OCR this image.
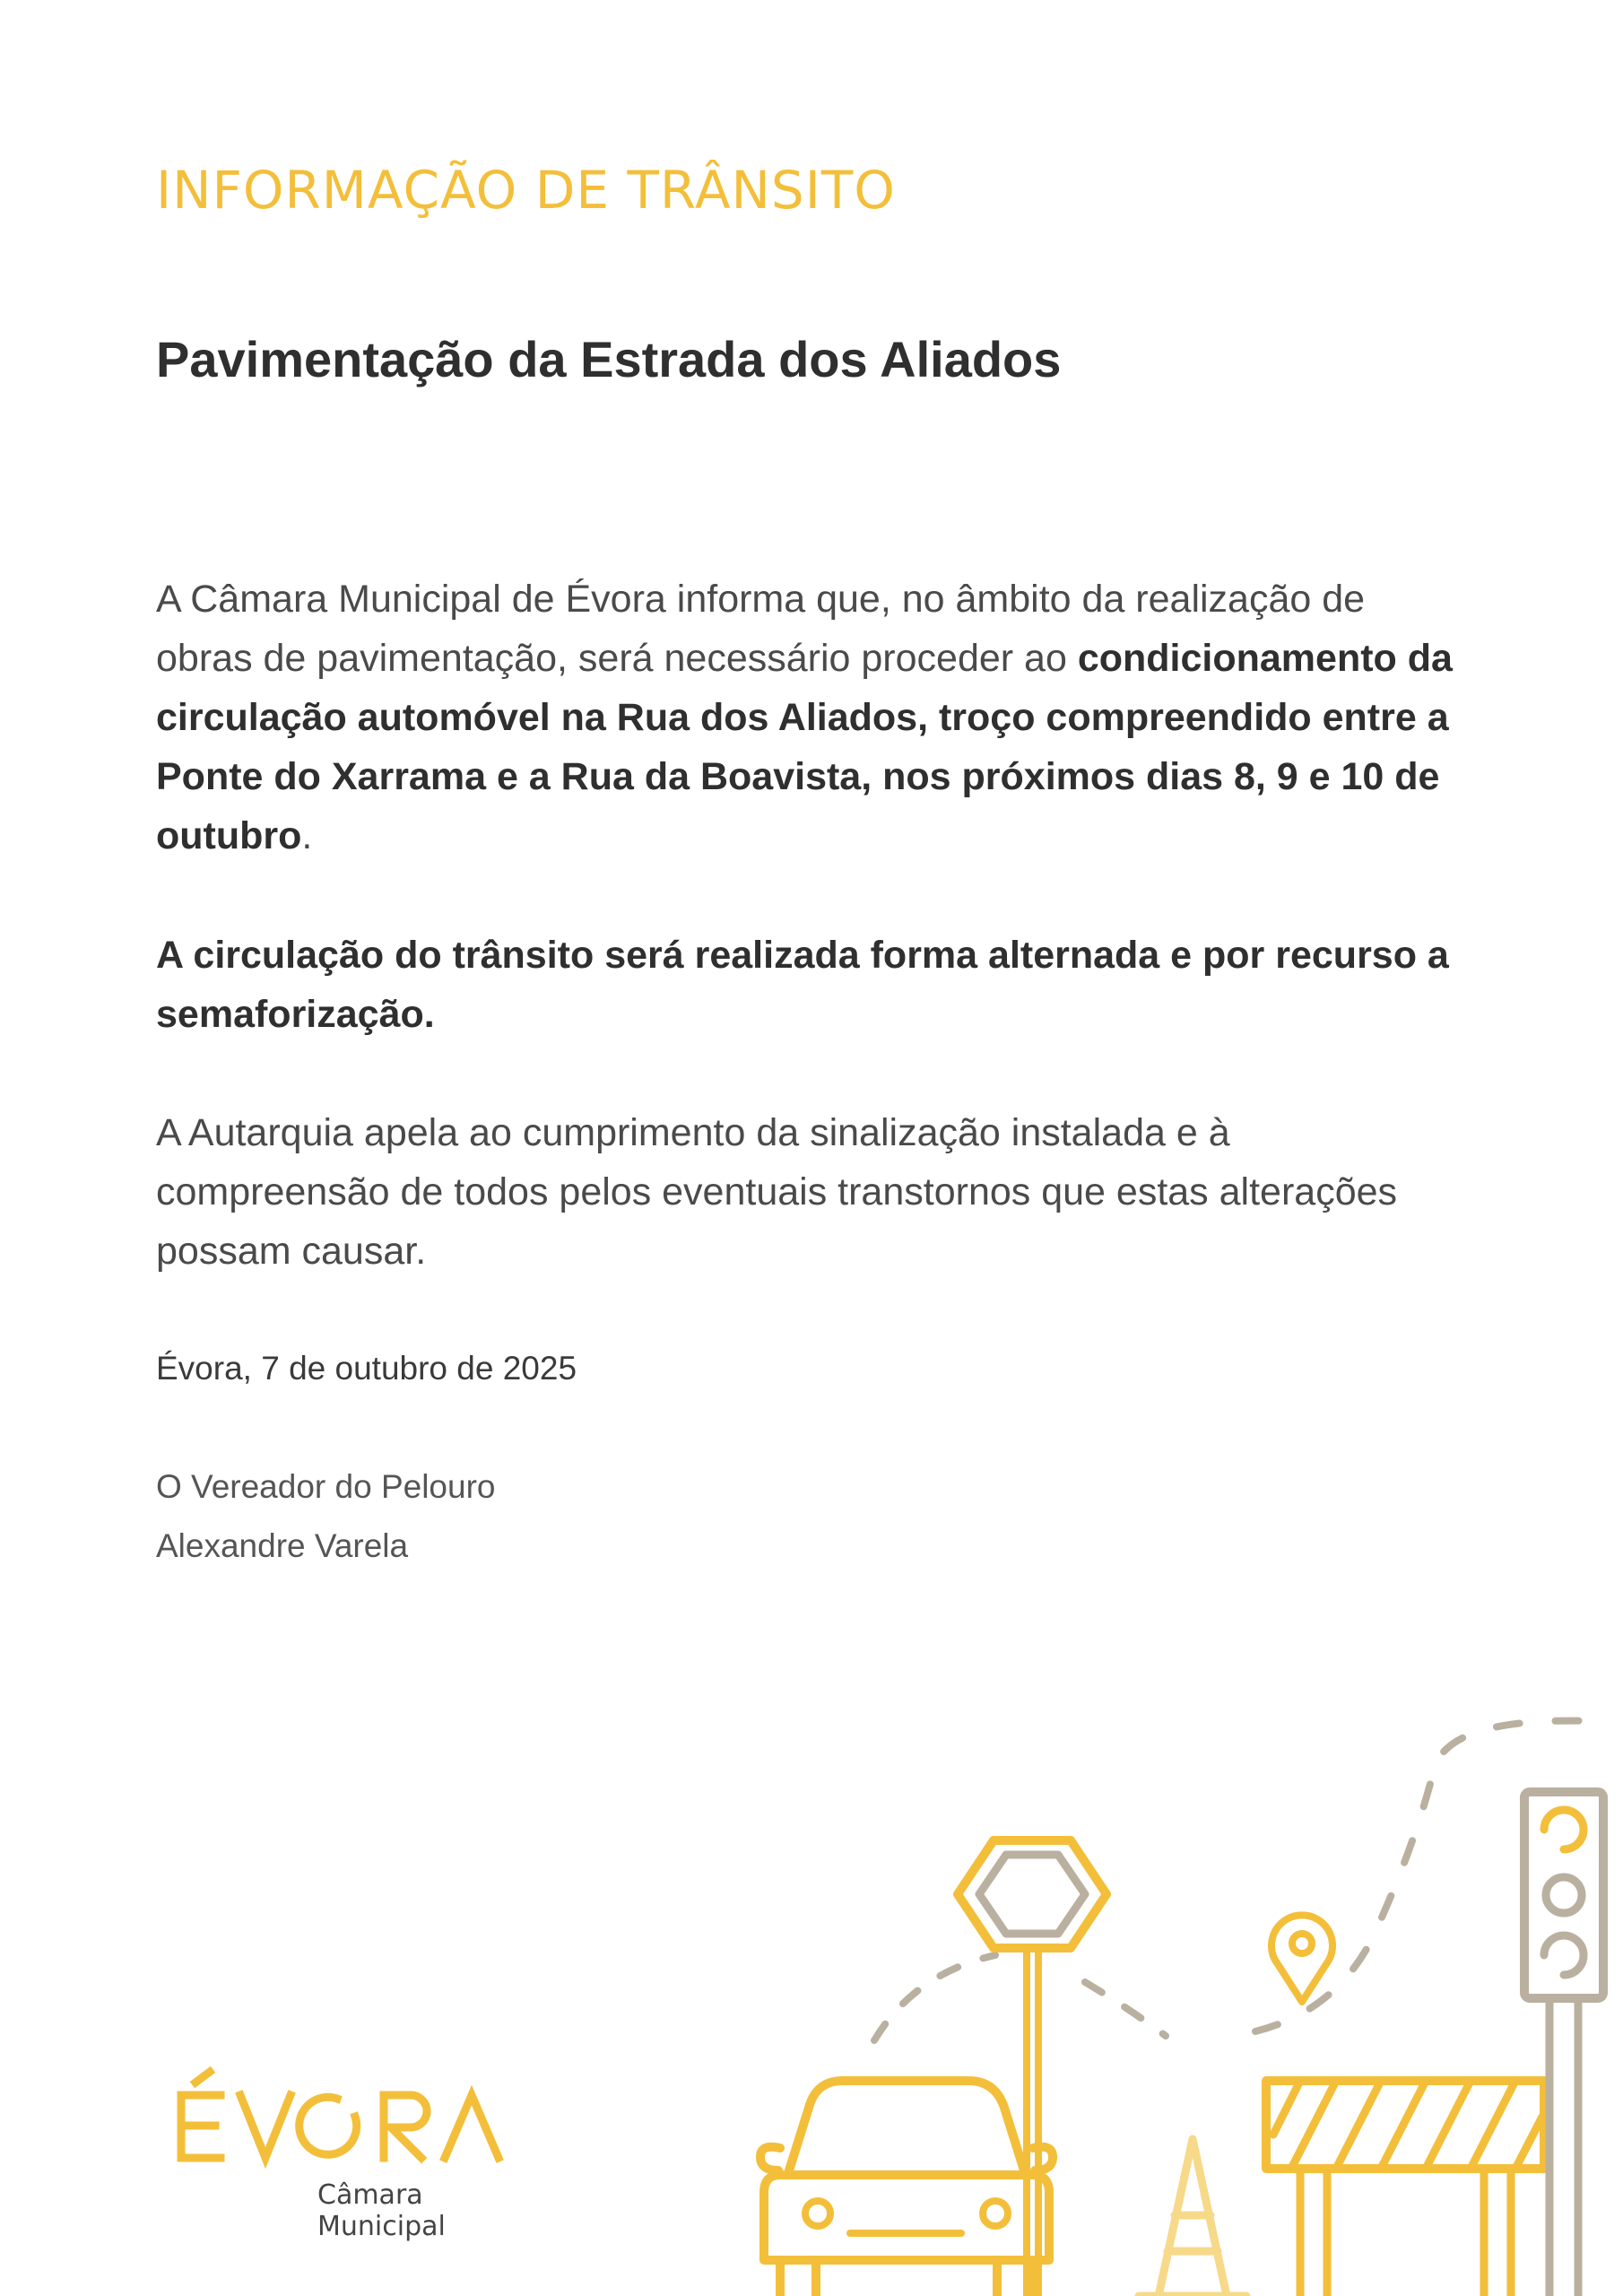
INFORMAÇÃO DE TRÂNSITO
Pavimentação da Estrada dos Aliados
A Câmara Municipal de Évora informa que, no âmbito da realização de obras de pavimentação, será necessário proceder ao condicionamento da circulação automóvel na Rua dos Aliados, troço compreendido entre a Ponte do Xarrama e a Rua da Boavista, nos próximos dias 8, 9 e 10 de outubro.
A circulação do trânsito será realizada forma alternada e por recurso a semaforização.
A Autarquia apela ao cumprimento da sinalização instalada e à compreensão de todos pelos eventuais transtornos que estas alterações possam causar.
Évora, 7 de outubro de 2025
O Vereador do Pelouro
Alexandre Varela
Câmara Municipal
